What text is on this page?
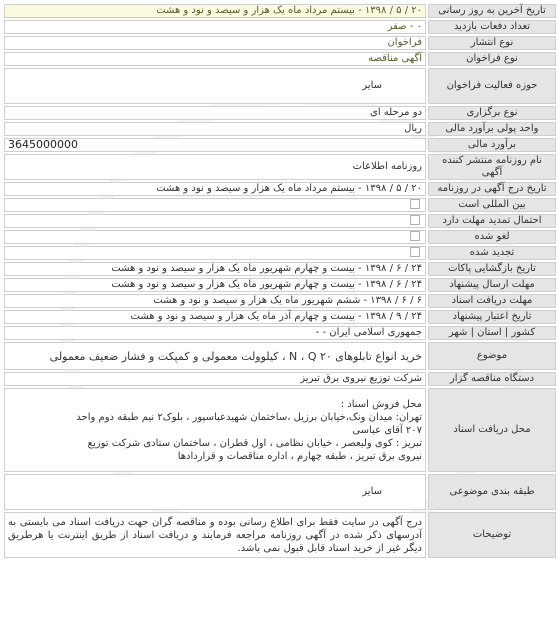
تاریخ آخرین به روز رسانی	۲۰ / ۵ / ۱۳۹۸ - بیستم مرداد ماه یک هزار و سیصد و نود و هشت
تعداد دفعات بازدید	۰ - صفر
نوع انتشار	فراخوان
نوع فراخوان	آگهی مناقصه
حوزه فعالیت فراخوان	سایر
نوع برگزاری	دو مرحله ای
واحد پولی برآورد مالی	ریال
برآورد مالی	3645000000
نام روزنامه منتشر کننده آگهی	روزنامه اطلاعات
تاریخ درج آگهی در روزنامه	۲۰ / ۵ / ۱۳۹۸ - بیستم مرداد ماه یک هزار و سیصد و نود و هشت
بین المللی است	
احتمال تمدید مهلت دارد	
لغو شده	
تجدید شده	
تاریخ بازگشایی پاکات	۲۴ / ۶ / ۱۳۹۸ - بیست و چهارم شهریور ماه یک هزار و سیصد و نود و هشت
مهلت ارسال پیشنهاد	۲۴ / ۶ / ۱۳۹۸ - بیست و چهارم شهریور ماه یک هزار و سیصد و نود و هشت
مهلت دریافت اسناد	۶ / ۶ / ۱۳۹۸ - ششم شهریور ماه یک هزار و سیصد و نود و هشت
تاریخ اعتبار پیشنهاد	۲۴ / ۹ / ۱۳۹۸ - بیست و چهارم آذر ماه یک هزار و سیصد و نود و هشت
کشور | استان | شهر	جمهوری اسلامی ایران - -
موضوع	خرید انواع تابلوهای ۲۰ N ، Q ، کیلوولت معمولی و کمپکت و فشار ضعیف معمولی
دستگاه مناقصه گزار	شرکت توزیع نیروی برق تبریز
محل دریافت اسناد	محل فروش اسناد :
تهران: میدان ونک،خیابان برزیل ،ساختمان شهیدعباسپور ، بلوک۲ نیم طبقه دوم واحد
۲۰۷ آقای عباسی
تبریز : کوی ولیعصر ، خیابان نظامی ، اول قطران ، ساختمان ستادی شرکت توزیع
نیروی برق تبریز ، طبقه چهارم ، اداره مناقصات و قراردادها

طبقه بندی موضوعی	سایر
توضیحات	درج آگهی در سایت فقط برای اطلاع رسانی بوده و مناقصه گران جهت دریافت اسناد می بایستی به آدرسهای ذکر شده در آگهی روزنامه مراجعه فرمایند و دریافت اسناد از طریق اینترنت یا هرطریق دیگر غیر از خرید اسناد قابل قبول نمی باشد.
